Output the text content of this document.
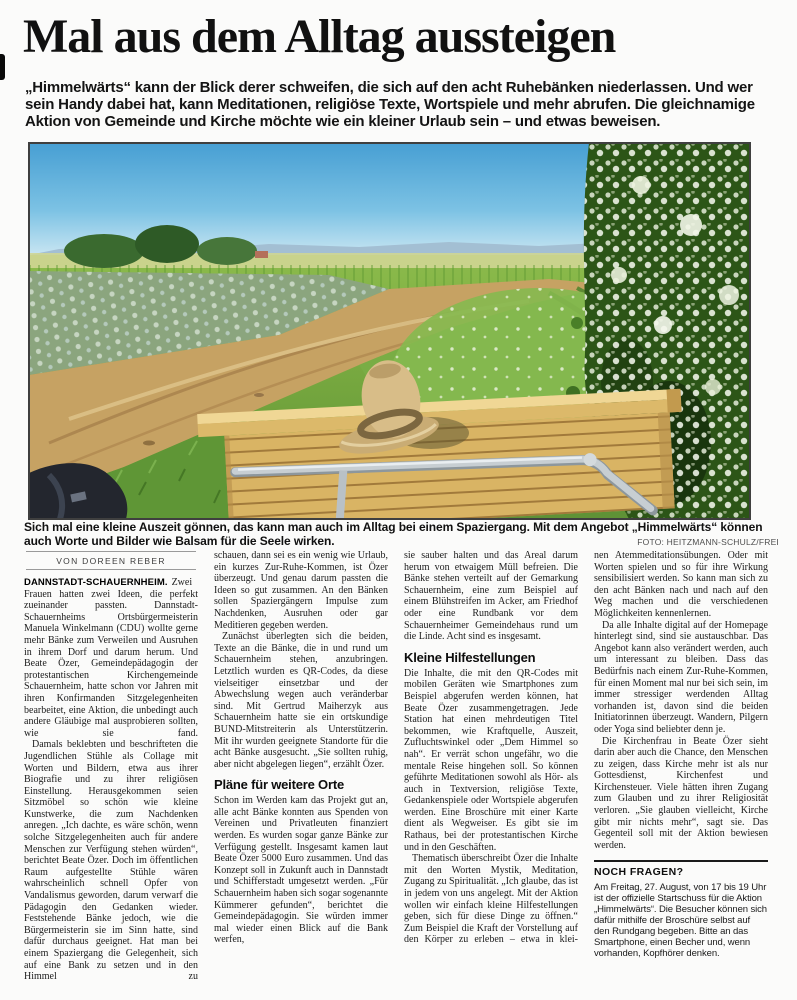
Mal aus dem Alltag aussteigen

„Himmelwärts“ kann der Blick derer schweifen, die sich auf den acht Ruhebänken niederlassen. Und wer sein Handy dabei hat, kann Meditationen, religiöse Texte, Wortspiele und mehr abrufen. Die gleichnamige Aktion von Gemeinde und Kirche möchte wie ein kleiner Urlaub sein – und etwas beweisen.

Sich mal eine kleine Auszeit gönnen, das kann man auch im Alltag bei einem Spaziergang. Mit dem Angebot „Himmelwärts“ können auch Worte und Bilder wie Balsam für die Seele wirken.	FOTO: HEITZMANN-SCHULZ/FREI
VON DOREEN REBER

DANNSTADT-SCHAUERNHEIM. Zwei Frauen hatten zwei Ideen, die perfekt zueinander passten. Dannstadt-Schauernheims Ortsbürgermeisterin Manuela Winkelmann (CDU) wollte gerne mehr Bänke zum Verweilen und Ausruhen in ihrem Dorf und darum herum. Und Beate Özer, Gemeindepädagogin der protestantischen Kirchengemeinde Schauernheim, hatte schon vor Jahren mit ihren Konfirmanden Sitzgelegenheiten bearbeitet, eine Aktion, die unbedingt auch andere Gläubige mal ausprobieren sollten, wie sie fand.

Damals beklebten und beschrifteten die Jugendlichen Stühle als Collage mit Worten und Bildern, etwa aus ihrer Biografie und zu ihrer religiösen Einstellung. Herausgekommen seien Sitzmöbel so schön wie kleine Kunstwerke, die zum Nachdenken anregen. „Ich dachte, es wäre schön, wenn solche Sitzgelegenheiten auch für andere Menschen zur Verfügung stehen würden“, berichtet Beate Özer. Doch im öffentlichen Raum aufgestellte Stühle wären wahrscheinlich schnell Opfer von Vandalismus geworden, darum verwarf die Pädagogin den Gedanken wieder. Feststehende Bänke jedoch, wie die Bürgermeisterin sie im Sinn hatte, sind dafür durchaus geeignet. Hat man bei einem Spaziergang die Gelegenheit, sich auf eine Bank zu setzen und in den Himmel zu

schauen, dann sei es ein wenig wie Urlaub, ein kurzes Zur-Ruhe-Kommen, ist Özer überzeugt. Und genau darum passten die Ideen so gut zusammen. An den Bänken sollen Spaziergängern Impulse zum Nachdenken, Ausruhen oder gar Meditieren gegeben werden.

Zunächst überlegten sich die beiden, Texte an die Bänke, die in und rund um Schauernheim stehen, anzubringen. Letztlich wurden es QR-Codes, da diese vielseitiger einsetzbar und der Abwechslung wegen auch veränderbar sind. Mit Gertrud Maiherzyk aus Schauernheim hatte sie ein ortskundige BUND-Mitstreiterin als Unterstützerin. Mit ihr wurden geeignete Standorte für die acht Bänke ausgesucht. „Sie sollten ruhig, aber nicht abgelegen liegen“, erzählt Özer.

Pläne für weitere Orte

Schon im Werden kam das Projekt gut an, alle acht Bänke konnten aus Spenden von Vereinen und Privatleuten finanziert werden. Es wurden sogar ganze Bänke zur Verfügung gestellt. Insgesamt kamen laut Beate Özer 5000 Euro zusammen. Und das Konzept soll in Zukunft auch in Dannstadt und Schifferstadt umgesetzt werden. „Für Schauernheim haben sich sogar sogenannte Kümmerer gefunden“, berichtet die Gemeindepädagogin. Sie würden immer mal wieder einen Blick auf die Bank werfen,

sie sauber halten und das Areal darum herum von etwaigem Müll befreien. Die Bänke stehen verteilt auf der Gemarkung Schauernheim, eine zum Beispiel auf einem Blühstreifen im Acker, am Friedhof oder eine Rundbank vor dem Schauernheimer Gemeindehaus rund um die Linde. Acht sind es insgesamt.

Kleine Hilfestellungen

Die Inhalte, die mit den QR-Codes mit mobilen Geräten wie Smartphones zum Beispiel abgerufen werden können, hat Beate Özer zusammengetragen. Jede Station hat einen mehrdeutigen Titel bekommen, wie Kraftquelle, Auszeit, Zufluchtswinkel oder „Dem Himmel so nah“. Er verrät schon ungefähr, wo die mentale Reise hingehen soll. So können geführte Meditationen sowohl als Hör- als auch in Textversion, religiöse Texte, Gedankenspiele oder Wortspiele abgerufen werden. Eine Broschüre mit einer Karte dient als Wegweiser. Es gibt sie im Rathaus, bei der protestantischen Kirche und in den Geschäften.

Thematisch überschreibt Özer die Inhalte mit den Worten Mystik, Meditation, Zugang zu Spiritualität. „Ich glaube, das ist in jedem von uns angelegt. Mit der Aktion wollen wir einfach kleine Hilfestellungen geben, sich für diese Dinge zu öffnen.“ Zum Beispiel die Kraft der Vorstellung auf den Körper zu erleben – etwa in klei-

nen Atemmeditationsübungen. Oder mit Worten spielen und so für ihre Wirkung sensibilisiert werden. So kann man sich zu den acht Bänken nach und nach auf den Weg machen und die verschiedenen Möglichkeiten kennenlernen.

Da alle Inhalte digital auf der Homepage hinterlegt sind, sind sie austauschbar. Das Angebot kann also verändert werden, auch um interessant zu bleiben. Dass das Bedürfnis nach einem Zur-Ruhe-Kommen, für einen Moment mal nur bei sich sein, im immer stressiger werdenden Alltag vorhanden ist, davon sind die beiden Initiatorinnen überzeugt. Wandern, Pilgern oder Yoga sind beliebter denn je.

Die Kirchenfrau in Beate Özer sieht darin aber auch die Chance, den Menschen zu zeigen, dass Kirche mehr ist als nur Gottesdienst, Kirchenfest und Kirchensteuer. Viele hätten ihren Zugang zum Glauben und zu ihrer Religiosität verloren. „Sie glauben vielleicht, Kirche gibt mir nichts mehr“, sagt sie. Das Gegenteil soll mit der Aktion bewiesen werden.

NOCH FRAGEN?

Am Freitag, 27. August, von 17 bis 19 Uhr ist der offizielle Startschuss für die Aktion „Himmelwärts“. Die Besucher können sich dafür mithilfe der Broschüre selbst auf den Rundgang begeben. Bitte an das Smartphone, einen Becher und, wenn vorhanden, Kopfhörer denken.
